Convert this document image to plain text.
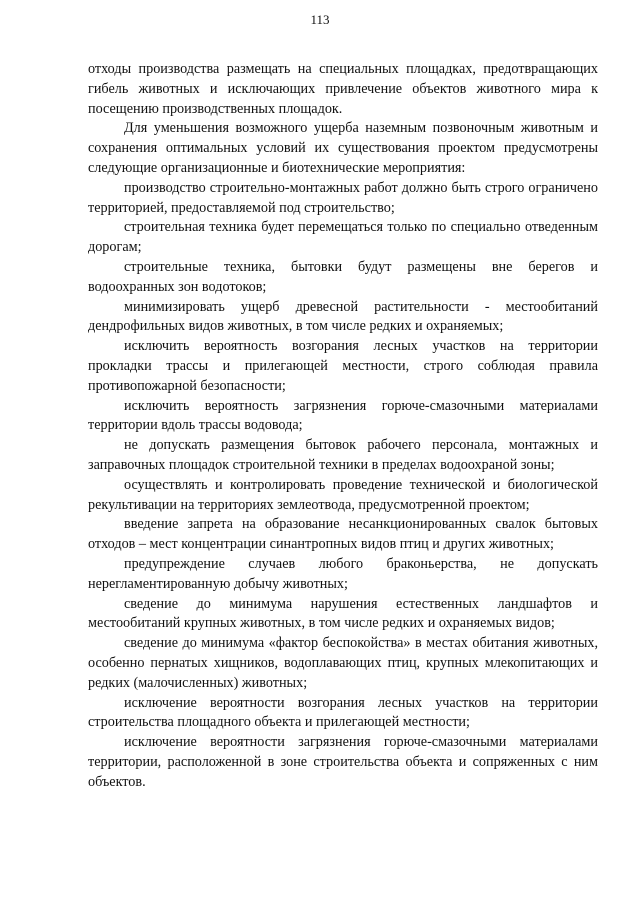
113

отходы производства размещать на специальных площадках, предотвращающих гибель животных и исключающих привлечение объектов животного мира к посещению производственных площадок.

Для уменьшения возможного ущерба наземным позвоночным животным и сохранения оптимальных условий их существования проектом предусмотрены следующие организационные и биотехнические мероприятия:

производство строительно-монтажных работ должно быть строго ограничено территорией, предоставляемой под строительство;

строительная техника будет перемещаться только по специально отведенным дорогам;

строительные техника, бытовки будут размещены вне берегов и водоохранных зон водотоков;

минимизировать ущерб древесной растительности - местообитаний дендрофильных видов животных, в том числе редких и охраняемых;

исключить вероятность возгорания лесных участков на территории прокладки трассы и прилегающей местности, строго соблюдая правила противопожарной безопасности;

исключить вероятность загрязнения горюче-смазочными материалами территории вдоль трассы водовода;

не допускать размещения бытовок рабочего персонала, монтажных и заправочных площадок строительной техники в пределах водоохраной зоны;

осуществлять и контролировать проведение технической и биологической рекультивации на территориях землеотвода, предусмотренной проектом;

введение запрета на образование несанкционированных свалок бытовых отходов – мест концентрации синантропных видов птиц и других животных;

предупреждение случаев любого браконьерства, не допускать нерегламентированную добычу животных;

сведение до минимума нарушения естественных ландшафтов и местообитаний крупных животных, в том числе редких и охраняемых видов;

сведение до минимума «фактор беспокойства» в местах обитания животных, особенно пернатых хищников, водоплавающих птиц, крупных млекопитающих и редких (малочисленных) животных;

исключение вероятности возгорания лесных участков на территории строительства площадного объекта и прилегающей местности;

исключение вероятности загрязнения горюче-смазочными материалами территории, расположенной в зоне строительства объекта и сопряженных с ним объектов.
